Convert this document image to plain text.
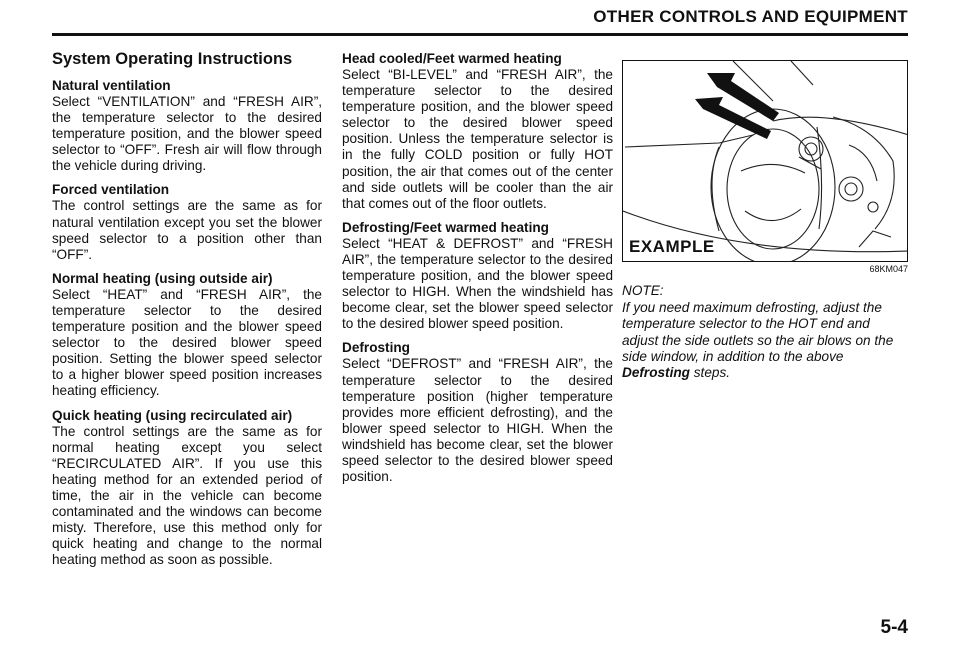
OTHER CONTROLS AND EQUIPMENT
System Operating Instructions
Natural ventilation

Select “VENTILATION” and “FRESH AIR”, the temperature selector to the desired temperature position, and the blower speed selector to “OFF”. Fresh air will flow through the vehicle during driving.

Forced ventilation

The control settings are the same as for natural ventilation except you set the blower speed selector to a position other than “OFF”.

Normal heating (using outside air)

Select “HEAT” and “FRESH AIR”, the temperature selector to the desired temperature position and the blower speed selector to the desired blower speed position. Setting the blower speed selector to a higher blower speed position increases heating efficiency.

Quick heating (using recirculated air)

The control settings are the same as for normal heating except you select “RECIRCULATED AIR”. If you use this heating method for an extended period of time, the air in the vehicle can become contaminated and the windows can become misty. Therefore, use this method only for quick heating and change to the normal heating method as soon as possible.

Head cooled/Feet warmed heating

Select “BI-LEVEL” and “FRESH AIR”, the temperature selector to the desired temperature position, and the blower speed selector to the desired blower speed position. Unless the temperature selector is in the fully COLD position or fully HOT position, the air that comes out of the center and side outlets will be cooler than the air that comes out of the floor outlets.

Defrosting/Feet warmed heating

Select “HEAT & DEFROST” and “FRESH AIR”, the temperature selector to the desired temperature position, and the blower speed selector to HIGH. When the windshield has become clear, set the blower speed selector to the desired blower speed position.

Defrosting

Select “DEFROST” and “FRESH AIR”, the temperature selector to the desired temperature position (higher temperature provides more efficient defrosting), and the blower speed selector to HIGH. When the windshield has become clear, set the blower speed selector to the desired blower speed position.

EXAMPLE
68KM047
NOTE:
If you need maximum defrosting, adjust the temperature selector to the HOT end and adjust the side outlets so the air blows on the side window, in addition to the above Defrosting steps.
5-4
